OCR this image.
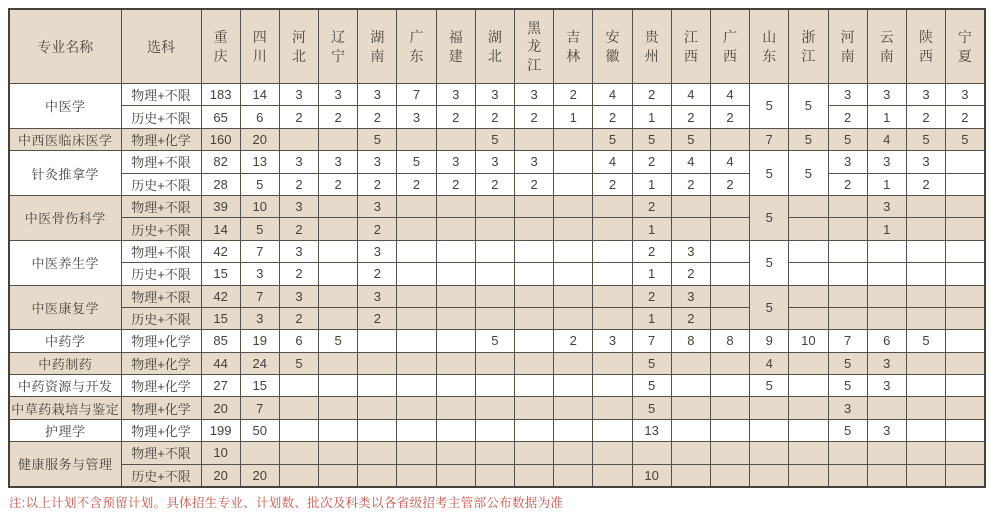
专业名称	选科	重庆	四川	河北	辽宁	湖南	广东	福建	湖北	黑龙江	吉林	安徽	贵州	江西	广西	山东	浙江	河南	云南	陕西	宁夏
中医学	物理+不限	183	14	3	3	3	7	3	3	3	2	4	2	4	4	5	5	3	3	3	3
	历史+不限	65	6	2	2	2	3	2	2	2	1	2	1	2	2			2	1	2	2
中西医临床医学	物理+化学	160	20			5			5			5	5	5		7	5	5	4	5	5
针灸推拿学	物理+不限	82	13	3	3	3	5	3	3	3		4	2	4	4	5	5	3	3	3	
	历史+不限	28	5	2	2	2	2	2	2	2		2	1	2	2			2	1	2	
中医骨伤科学	物理+不限	39	10	3		3							2			5			3		
	历史+不限	14	5	2		2							1						1		
中医养生学	物理+不限	42	7	3		3							2	3		5					
	历史+不限	15	3	2		2							1	2							
中医康复学	物理+不限	42	7	3		3							2	3		5					
	历史+不限	15	3	2		2							1	2							
中药学	物理+化学	85	19	6	5				5		2	3	7	8	8	9	10	7	6	5	
中药制药	物理+化学	44	24	5									5			4		5	3		
中药资源与开发	物理+化学	27	15										5			5		5	3		
中草药栽培与鉴定	物理+化学	20	7										5					3			
护理学	物理+化学	199	50										13					5	3		
健康服务与管理	物理+不限	10																			
	历史+不限	20	20										10								
注:以上计划不含预留计划。具体招生专业、计划数、批次及科类以各省级招考主管部公布数据为准
